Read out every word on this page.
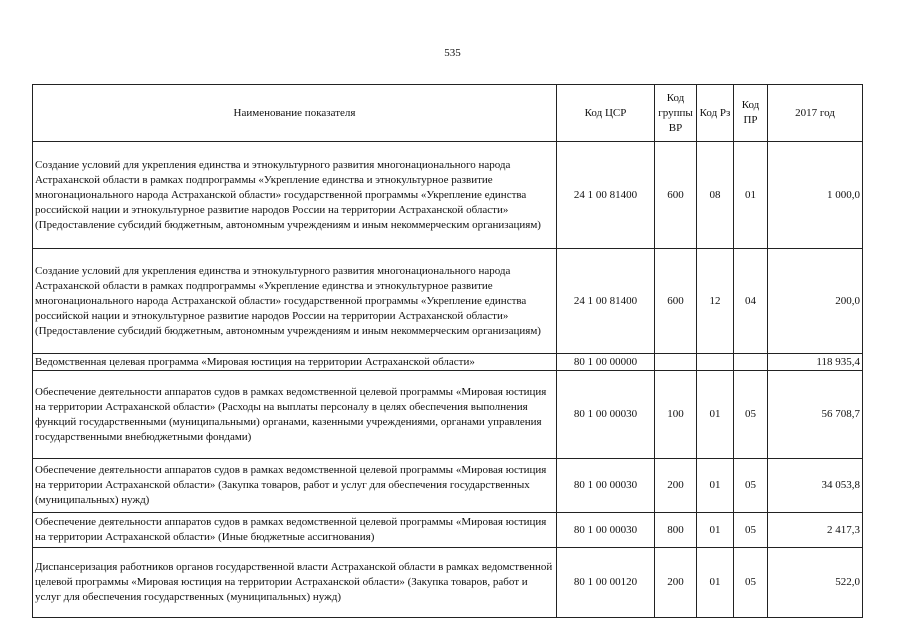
535
Наименование показателя	Код ЦСР	Код группы ВР	Код Рз	Код ПР	2017 год
Создание условий для укрепления единства и этнокультурного развития многонационального народа Астраханской области в рамках подпрограммы «Укрепление единства и этнокультурное развитие многонационального народа Астраханской области» государственной программы «Укрепление единства российской нации и этнокультурное развитие народов России на территории Астраханской области» (Предоставление субсидий бюджетным, автономным учреждениям и иным некоммерческим организациям)	24 1 00 81400	600	08	01	1 000,0
Создание условий для укрепления единства и этнокультурного развития многонационального народа Астраханской области в рамках подпрограммы «Укрепление единства и этнокультурное развитие многонационального народа Астраханской области» государственной программы «Укрепление единства российской нации и этнокультурное развитие народов России на территории Астраханской области» (Предоставление субсидий бюджетным, автономным учреждениям и иным некоммерческим организациям)	24 1 00 81400	600	12	04	200,0
Ведомственная целевая программа «Мировая юстиция на территории Астраханской области»	80 1 00 00000				118 935,4
Обеспечение деятельности аппаратов судов в рамках ведомственной целевой программы «Мировая юстиция на территории Астраханской области» (Расходы на выплаты персоналу в целях обеспечения выполнения функций государственными (муниципальными) органами, казенными учреждениями, органами управления государственными внебюджетными фондами)	80 1 00 00030	100	01	05	56 708,7
Обеспечение деятельности аппаратов судов в рамках ведомственной целевой программы «Мировая юстиция на территории Астраханской области» (Закупка товаров, работ и услуг для обеспечения государственных (муниципальных) нужд)	80 1 00 00030	200	01	05	34 053,8
Обеспечение деятельности аппаратов судов в рамках ведомственной целевой программы «Мировая юстиция на территории Астраханской области» (Иные бюджетные ассигнования)	80 1 00 00030	800	01	05	2 417,3
Диспансеризация работников органов государственной власти Астраханской области в рамках ведомственной целевой программы «Мировая юстиция на территории Астраханской области» (Закупка товаров, работ и услуг для обеспечения государственных (муниципальных) нужд)	80 1 00 00120	200	01	05	522,0
